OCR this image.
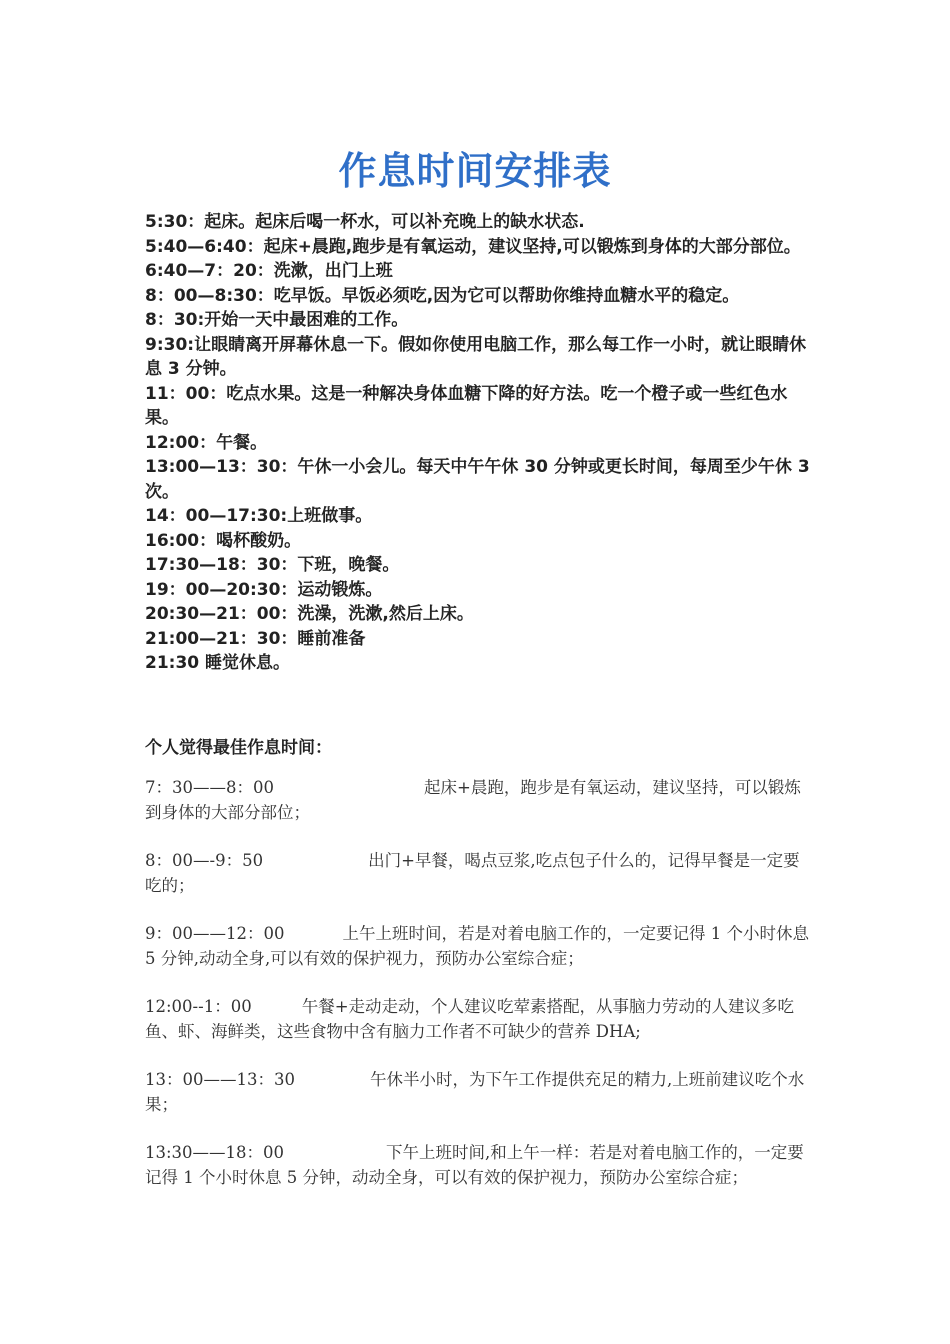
作息时间安排表
5:30：起床。起床后喝一杯水，可以补充晚上的缺水状态.
5:40—6:40：起床+晨跑,跑步是有氧运动，建议坚持,可以锻炼到身体的大部分部位。
6:40—7：20：洗漱，出门上班
8：00—8:30：吃早饭。早饭必须吃,因为它可以帮助你维持血糖水平的稳定。
8：30:开始一天中最困难的工作。
9:30:让眼睛离开屏幕休息一下。假如你使用电脑工作，那么每工作一小时，就让眼睛休息 3 分钟。
11：00：吃点水果。这是一种解决身体血糖下降的好方法。吃一个橙子或一些红色水果。
12:00：午餐。
13:00—13：30：午休一小会儿。每天中午午休 30 分钟或更长时间，每周至少午休 3 次。
14：00—17:30:上班做事。
16:00：喝杯酸奶。
17:30—18：30：下班，晚餐。
19：00—20:30：运动锻炼。
20:30—21：00：洗澡，洗漱,然后上床。
21:00—21：30：睡前准备
21:30 睡觉休息。
个人觉得最佳作息时间：
7：30——8：00	起床+晨跑，跑步是有氧运动，建议坚持，可以锻炼到身体的大部分部位；
8：00—-9：50	出门+早餐，喝点豆浆,吃点包子什么的，记得早餐是一定要吃的；
9：00——12：00	上午上班时间，若是对着电脑工作的，一定要记得 1 个小时休息 5 分钟,动动全身,可以有效的保护视力，预防办公室综合症；
12:00--1：00	午餐+走动走动，个人建议吃荤素搭配，从事脑力劳动的人建议多吃鱼、虾、海鲜类，这些食物中含有脑力工作者不可缺少的营养 DHA;
13：00——13：30	午休半小时，为下午工作提供充足的精力,上班前建议吃个水果；
13:30——18：00	下午上班时间,和上午一样：若是对着电脑工作的，一定要记得 1 个小时休息 5 分钟，动动全身，可以有效的保护视力，预防办公室综合症；
